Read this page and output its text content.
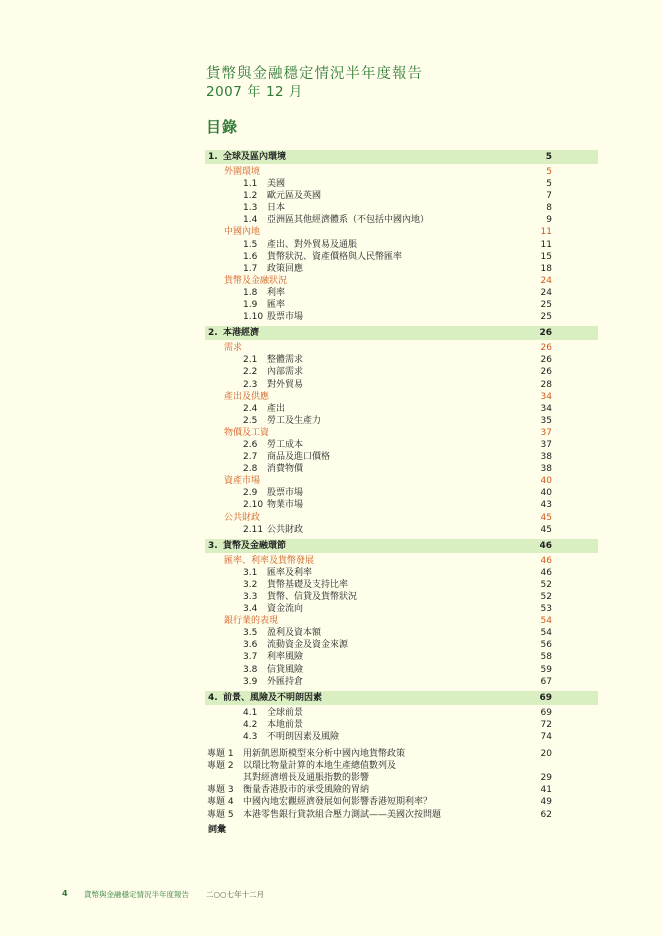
貨幣與金融穩定情況半年度報告
2007 年 12 月
目錄
1. 全球及區內環境	5
外圍環境	5
1.1 美國	5
1.2 歐元區及英國	7
1.3 日本	8
1.4 亞洲區其他經濟體系（不包括中國內地）	9
中國內地	11
1.5 產出、對外貿易及通脹	11
1.6 貨幣狀況、資產價格與人民幣匯率	15
1.7 政策回應	18
貨幣及金融狀況	24
1.8 利率	24
1.9 匯率	25
1.10 股票市場	25
2. 本港經濟	26
需求	26
2.1 整體需求	26
2.2 內部需求	26
2.3 對外貿易	28
產出及供應	34
2.4 產出	34
2.5 勞工及生產力	35
物價及工資	37
2.6 勞工成本	37
2.7 商品及進口價格	38
2.8 消費物價	38
資產市場	40
2.9 股票市場	40
2.10 物業市場	43
公共財政	45
2.11 公共財政	45
3. 貨幣及金融環節	46
匯率、利率及貨幣發展	46
3.1 匯率及利率	46
3.2 貨幣基礎及支持比率	52
3.3 貨幣、信貸及貨幣狀況	52
3.4 資金流向	53
銀行業的表現	54
3.5 盈利及資本額	54
3.6 流動資金及資金來源	56
3.7 利率風險	58
3.8 信貸風險	59
3.9 外匯持倉	67
4. 前景、風險及不明朗因素	69
4.1 全球前景	69
4.2 本地前景	72
4.3 不明朗因素及風險	74
專題 1 用新凱恩斯模型來分析中國內地貨幣政策	20
專題 2 以環比物量計算的本地生產總值數列及
其對經濟增長及通脹指數的影響	29
專題 3 衡量香港股市的承受風險的胃納	41
專題 4 中國內地宏觀經濟發展如何影響香港短期利率？	49
專題 5 本港零售銀行貸款組合壓力測試——美國次按問題	62
詞彙
4 貨幣與金融穩定情況半年度報告 二○○七年十二月
